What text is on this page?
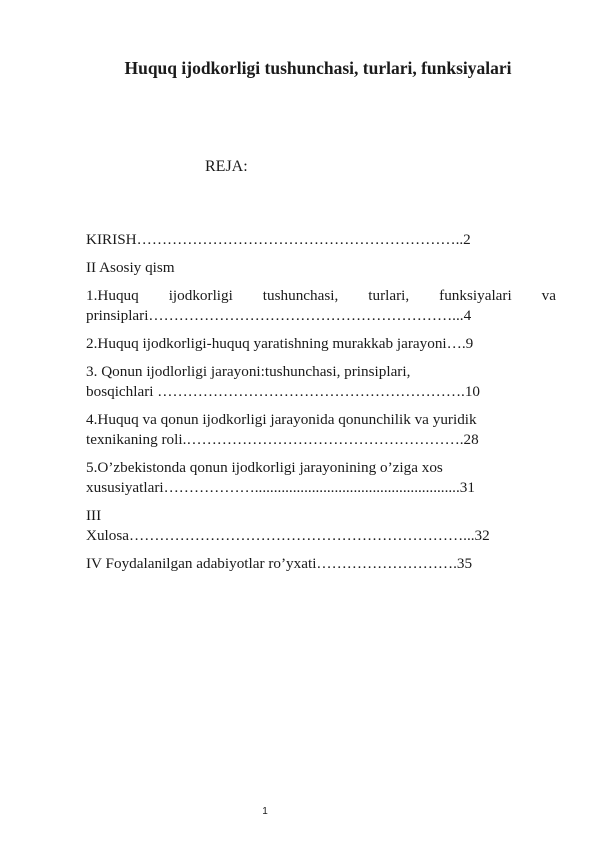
Huquq ijodkorligi tushunchasi, turlari, funksiyalari
REJA:
KIRISH………………………………………………………..2
II Asosiy qism
1.Huquq ijodkorligi tushunchasi, turlari, funksiyalari va
prinsiplari……………………………………………………...4
2.Huquq ijodkorligi-huquq yaratishning murakkab jarayoni….9
3. Qonun ijodlorligi jarayoni:tushunchasi, prinsiplari,
bosqichlari …………………………………………………….10
4.Huquq va qonun ijodkorligi jarayonida qonunchilik va yuridik
texnikaning roli.……………………………………………….28
5.O’zbekistonda qonun ijodkorligi jarayonining o’ziga xos
xususiyatlari………………......................................................31
III
Xulosa…………………………………………………………...32
IV Foydalanilgan adabiyotlar ro’yxati……………………….35
1
